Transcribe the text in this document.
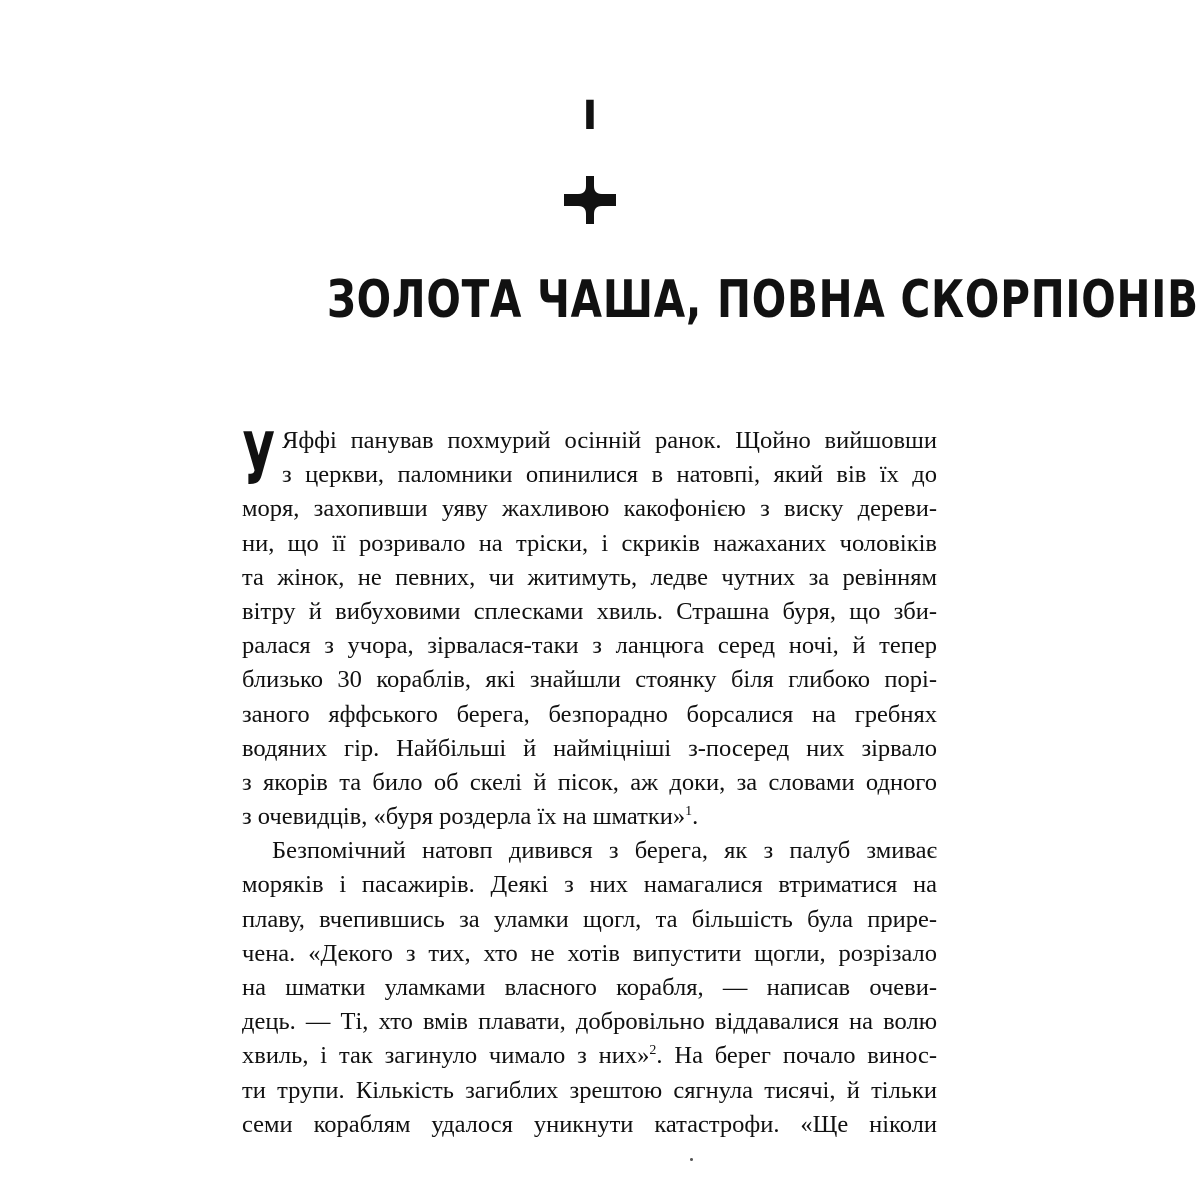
I
ЗОЛОТА ЧАША, ПОВНА СКОРПІОНІВ
У Яффі панував похмурий осінній ранок. Щойно вийшовши
з церкви, паломники опинилися в натовпі, який вів їх до
моря, захопивши уяву жахливою какофонією з виску дереви-
ни, що її розривало на тріски, і скриків нажаханих чоловіків
та жінок, не певних, чи житимуть, ледве чутних за ревінням
вітру й вибуховими сплесками хвиль. Страшна буря, що зби-
ралася з учора, зірвалася-таки з ланцюга серед ночі, й тепер
близько 30 кораблів, які знайшли стоянку біля глибоко порі-
заного яффського берега, безпорадно борсалися на гребнях
водяних гір. Найбільші й найміцніші з-посеред них зірвало
з якорів та било об скелі й пісок, аж доки, за словами одного
з очевидців, «буря роздерла їх на шматки»$^1$.
Безпомічний натовп дивився з берега, як з палуб змиває
моряків і пасажирів. Деякі з них намагалися втриматися на
плаву, вчепившись за уламки щогл, та більшість була прире-
чена. «Декого з тих, хто не хотів випустити щогли, розрізало
на шматки уламками власного корабля, — написав очеви-
дець. — Ті, хто вмів плавати, добровільно віддавалися на волю
хвиль, і так загинуло чимало з них»$^2$. На берег почало винос-
ти трупи. Кількість загиблих зрештою сягнула тисячі, й тільки
семи кораблям удалося уникнути катастрофи. «Ще ніколи
